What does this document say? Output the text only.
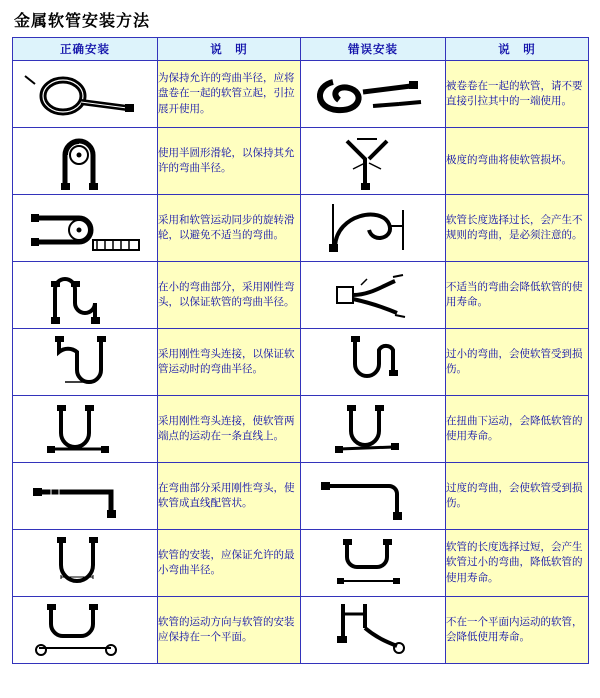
金属软管安装方法
正确安装	说　明	错误安装	说　明

	为保持允许的弯曲半径，应将盘卷在一起的软管立起，引拉展开使用。		被卷卷在一起的软管，请不要直接引拉其中的一端使用。

	使用半圆形滑轮，以保持其允许的弯曲半径。		极度的弯曲将使软管损坏。

	采用和软管运动同步的旋转滑轮，以避免不适当的弯曲。		软管长度选择过长，会产生不规则的弯曲，是必须注意的。

	在小的弯曲部分，采用刚性弯头，以保证软管的弯曲半径。		不适当的弯曲会降低软管的使用寿命。

	采用刚性弯头连接，以保证软管运动时的弯曲半径。		过小的弯曲，会使软管受到损伤。

	采用刚性弯头连接，使软管两端点的运动在一条直线上。		在扭曲下运动，会降低软管的使用寿命。

	在弯曲部分采用刚性弯头，使软管成直线配管状。		过度的弯曲，会使软管受到损伤。

	软管的安装，应保证允许的最小弯曲半径。		软管的长度选择过短，会产生软管过小的弯曲，降低软管的使用寿命。

	软管的运动方向与软管的安装应保持在一个平面。		不在一个平面内运动的软管，会降低使用寿命。
